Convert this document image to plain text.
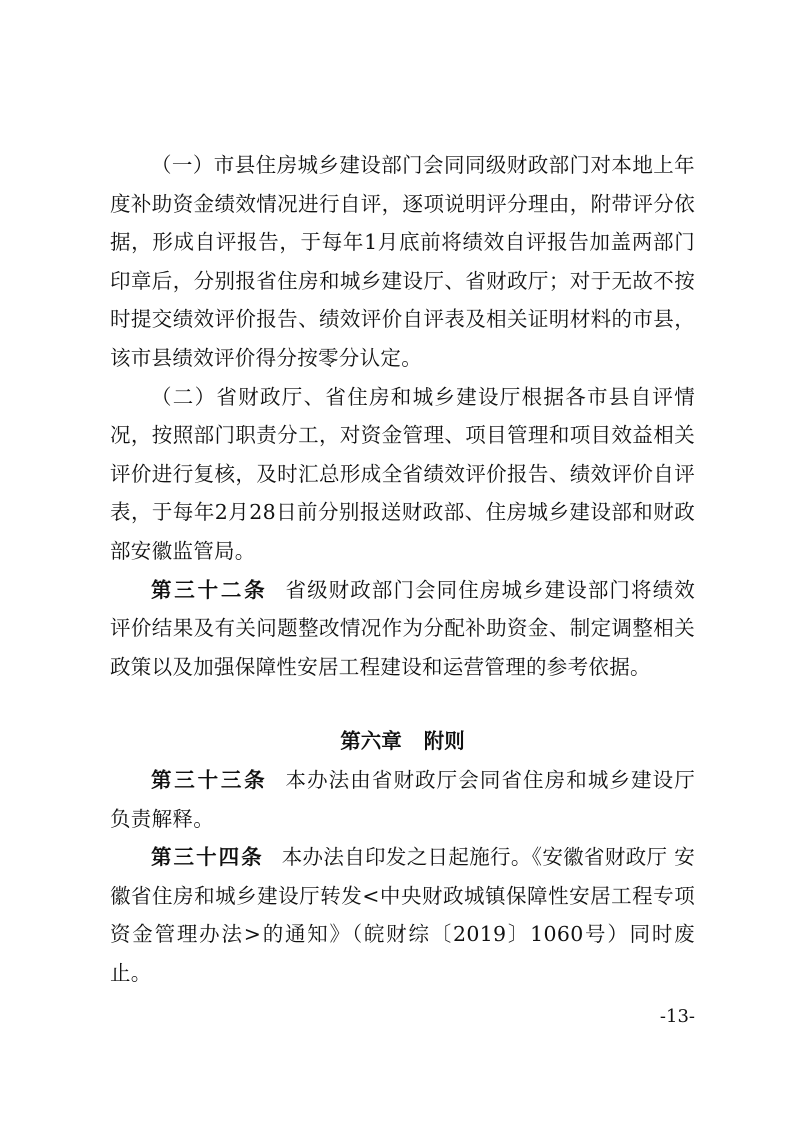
（一）市县住房城乡建设部门会同同级财政部门对本地上年度补助资金绩效情况进行自评，逐项说明评分理由，附带评分依据，形成自评报告，于每年1月底前将绩效自评报告加盖两部门印章后，分别报省住房和城乡建设厅、省财政厅；对于无故不按时提交绩效评价报告、绩效评价自评表及相关证明材料的市县，该市县绩效评价得分按零分认定。

（二）省财政厅、省住房和城乡建设厅根据各市县自评情况，按照部门职责分工，对资金管理、项目管理和项目效益相关评价进行复核，及时汇总形成全省绩效评价报告、绩效评价自评表，于每年2月28日前分别报送财政部、住房城乡建设部和财政部安徽监管局。

第三十二条 省级财政部门会同住房城乡建设部门将绩效评价结果及有关问题整改情况作为分配补助资金、制定调整相关政策以及加强保障性安居工程建设和运营管理的参考依据。

第六章 附则

第三十三条 本办法由省财政厅会同省住房和城乡建设厅负责解释。

第三十四条 本办法自印发之日起施行。《安徽省财政厅 安徽省住房和城乡建设厅转发<中央财政城镇保障性安居工程专项资金管理办法>的通知》（皖财综〔2019〕1060号）同时废止。

-13-
